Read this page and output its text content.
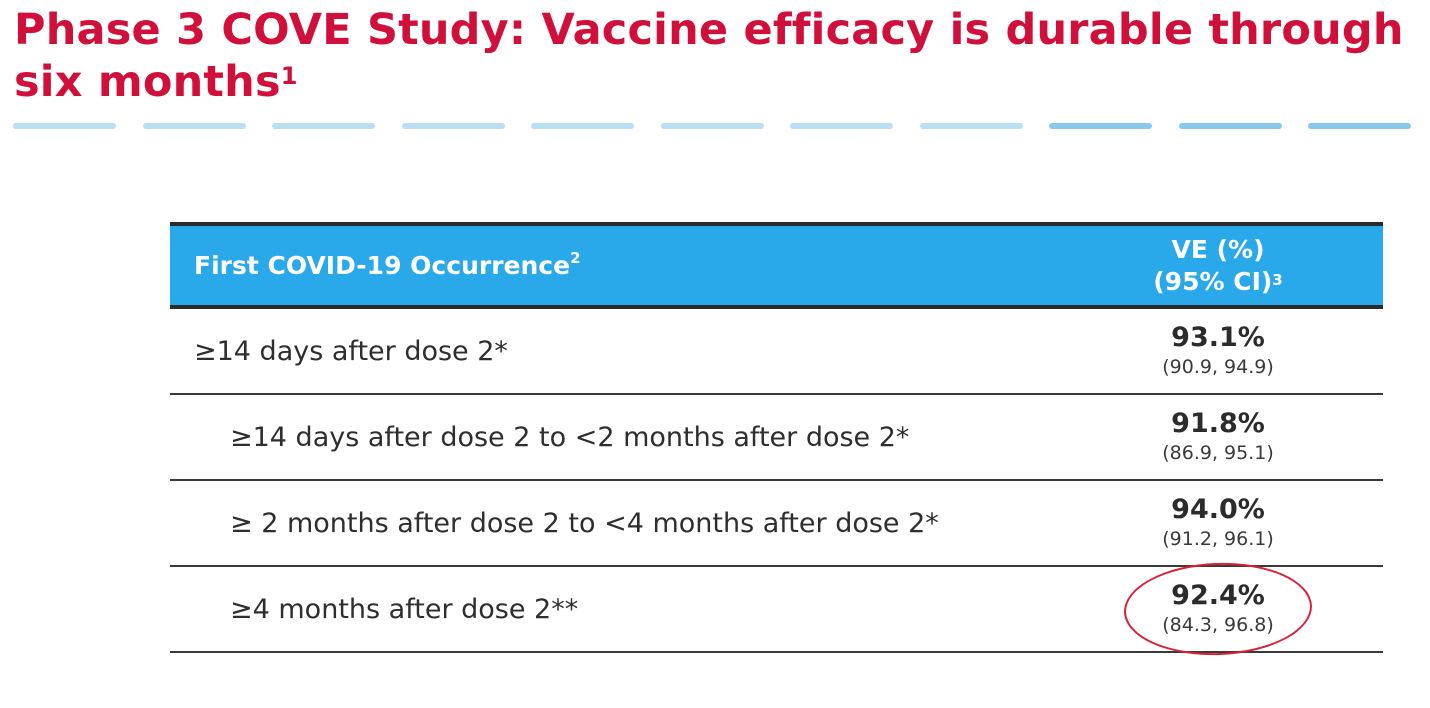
Phase 3 COVE Study: Vaccine efficacy is durable through six months$^1$
First COVID-19 Occurrence$^2$	VE (%)
(95% CI)$^3$

≥14 days after dose 2*	93.1%
(90.9, 94.9)

≥14 days after dose 2 to <2 months after dose 2*	91.8%
(86.9, 95.1)

≥ 2 months after dose 2 to <4 months after dose 2*	94.0%
(91.2, 96.1)

≥4 months after dose 2**	92.4%
(84.3, 96.8)
